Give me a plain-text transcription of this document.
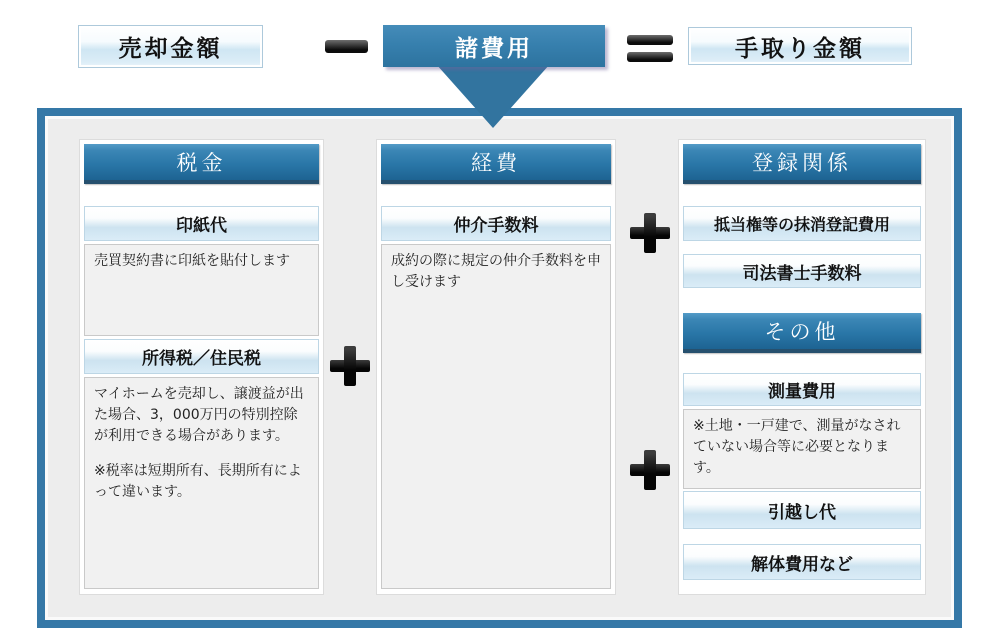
売却金額	諸費用	手取り金額
税金
印紙代

売買契約書に印紙を貼付します

所得税／住民税

マイホームを売却し、譲渡益が出た場合、3，000万円の特別控除が利用できる場合があります。

※税率は短期所有、長期所有によって違います。

経費
仲介手数料

成約の際に規定の仲介手数料を申し受けます

登録関係
抵当権等の抹消登記費用
司法書士手数料
その他
測量費用

※土地・一戸建で、測量がなされていない場合等に必要となります。

引越し代
解体費用など
